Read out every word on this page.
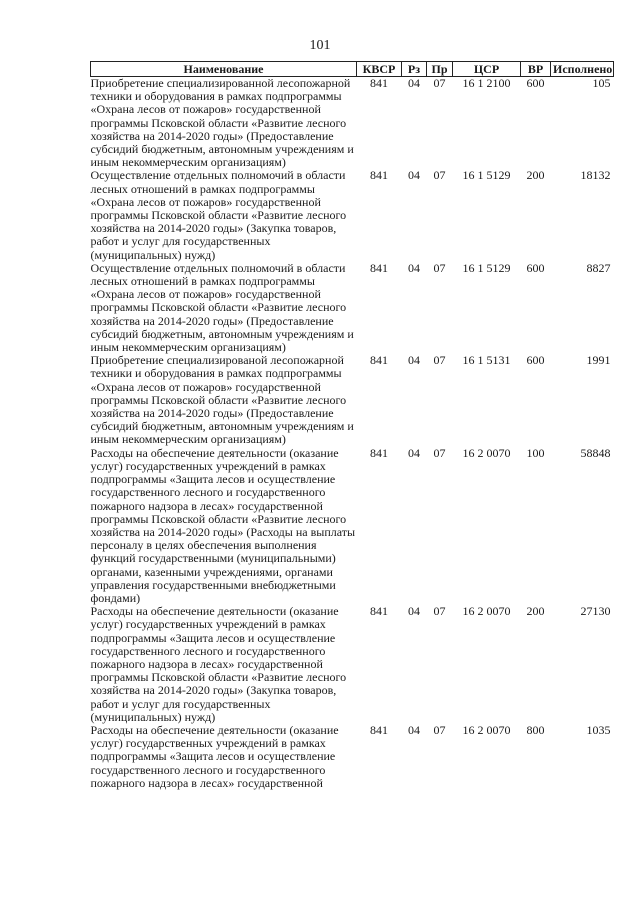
101
Наименование	КВСР	Рз	Пр	ЦСР	ВР	Исполнено
Приобретение специализированной лесопожарной техники и оборудования в рамках подпрограммы «Охрана лесов от пожаров» государственной программы Псковской области «Развитие лесного хозяйства на 2014-2020 годы» (Предоставление субсидий бюджетным, автономным учреждениям и иным некоммерческим организациям)	841	04	07	16 1 2100	600	105
Осуществление отдельных полномочий в области лесных отношений в рамках подпрограммы «Охрана лесов от пожаров» государственной программы Псковской области «Развитие лесного хозяйства на 2014-2020 годы» (Закупка товаров, работ и услуг для государственных (муниципальных) нужд)	841	04	07	16 1 5129	200	18132
Осуществление отдельных полномочий в области лесных отношений в рамках подпрограммы «Охрана лесов от пожаров» государственной программы Псковской области «Развитие лесного хозяйства на 2014-2020 годы» (Предоставление субсидий бюджетным, автономным учреждениям и иным некоммерческим организациям)	841	04	07	16 1 5129	600	8827
Приобретение специализированой лесопожарной техники и оборудования в рамках подпрограммы «Охрана лесов от пожаров» государственной программы Псковской области «Развитие лесного хозяйства на 2014-2020 годы» (Предоставление субсидий бюджетным, автономным учреждениям и иным некоммерческим организациям)	841	04	07	16 1 5131	600	1991
Расходы на обеспечение деятельности (оказание услуг) государственных учреждений в рамках подпрограммы «Защита лесов и осуществление государственного лесного и государственного пожарного надзора в лесах» государственной программы Псковской области «Развитие лесного хозяйства на 2014-2020 годы» (Расходы на выплаты персоналу в целях обеспечения выполнения функций государственными (муниципальными) органами, казенными учреждениями, органами управления государственными внебюджетными фондами)	841	04	07	16 2 0070	100	58848
Расходы на обеспечение деятельности (оказание услуг) государственных учреждений в рамках подпрограммы «Защита лесов и осуществление государственного лесного и государственного пожарного надзора в лесах» государственной программы Псковской области «Развитие лесного хозяйства на 2014-2020 годы» (Закупка товаров, работ и услуг для государственных (муниципальных) нужд)	841	04	07	16 2 0070	200	27130
Расходы на обеспечение деятельности (оказание услуг) государственных учреждений в рамках подпрограммы «Защита лесов и осуществление государственного лесного и государственного пожарного надзора в лесах» государственной	841	04	07	16 2 0070	800	1035
